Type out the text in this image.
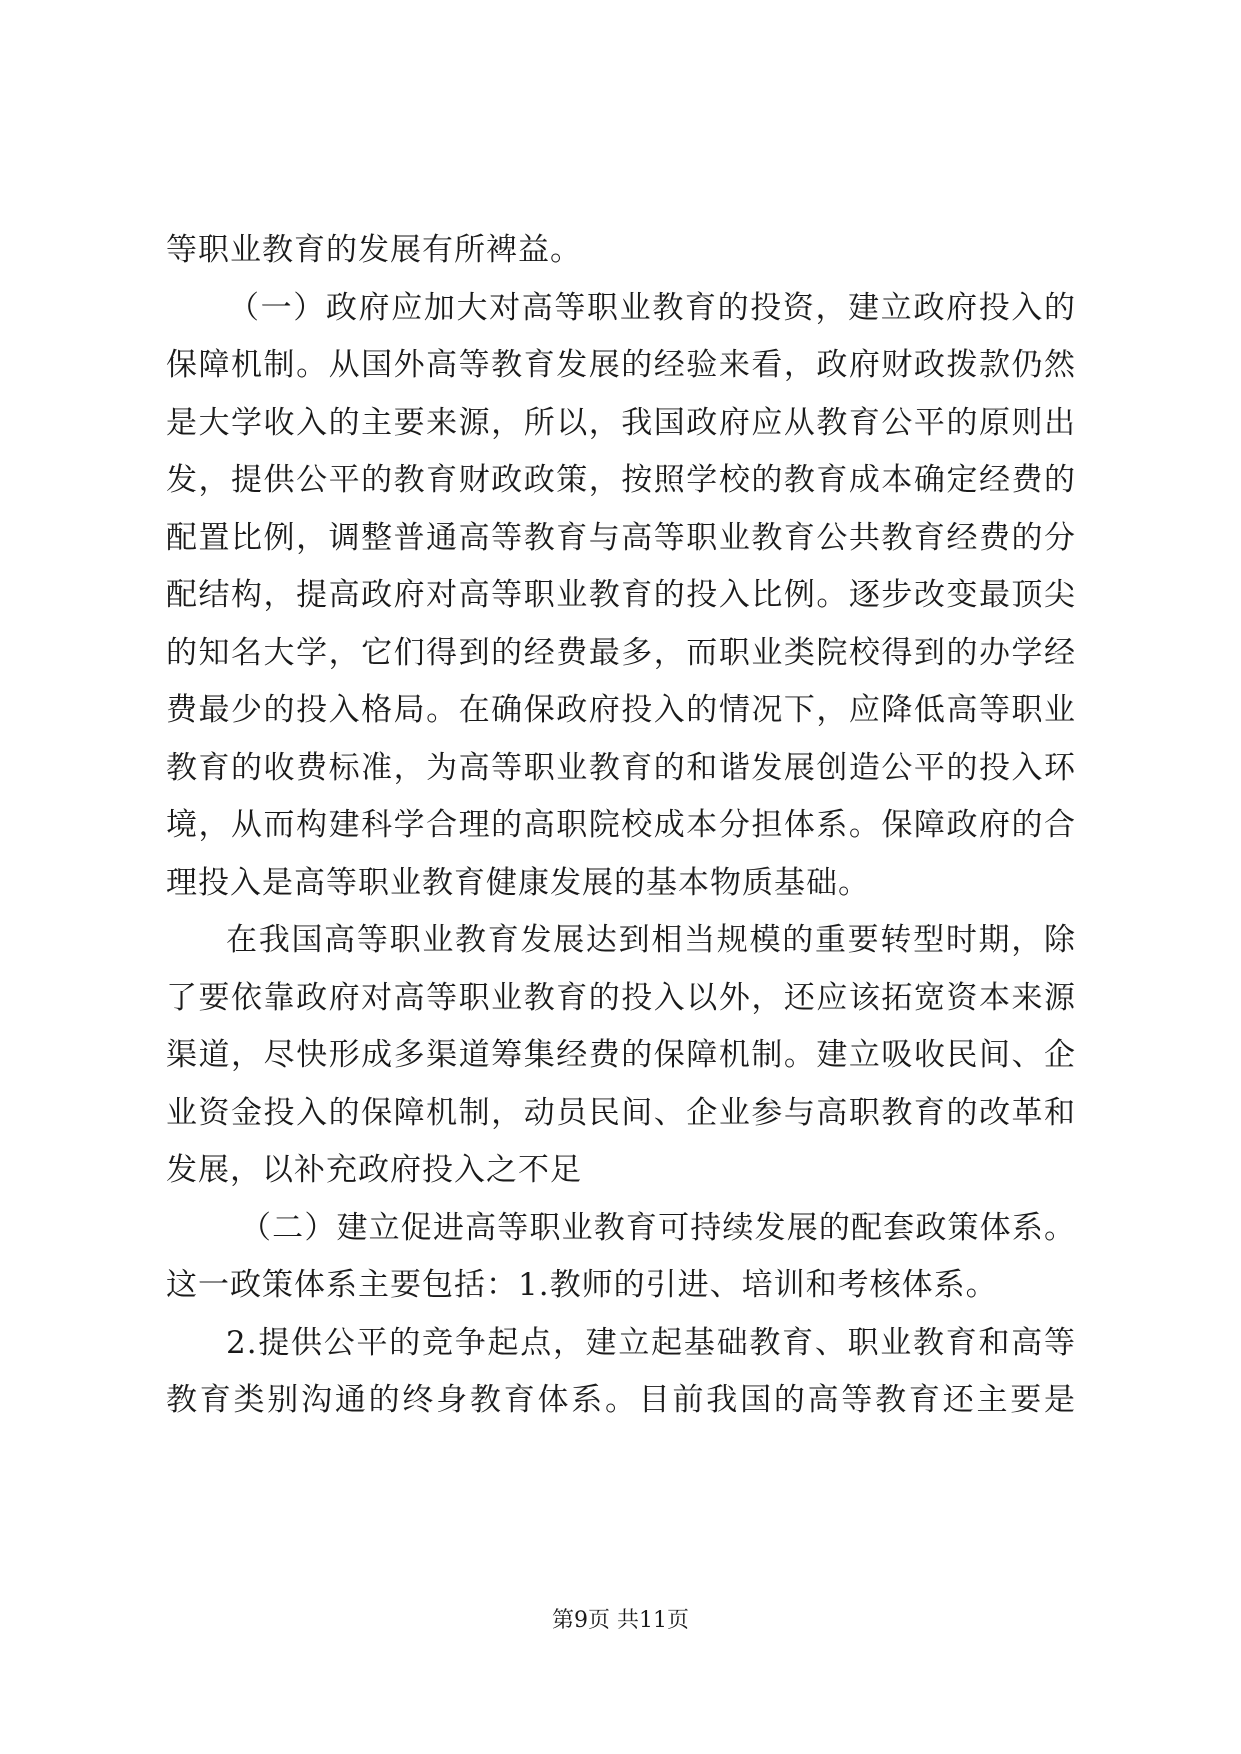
等职业教育的发展有所裨益。
（一）政府应加大对高等职业教育的投资，建立政府投入的
保障机制。从国外高等教育发展的经验来看，政府财政拨款仍然
是大学收入的主要来源，所以，我国政府应从教育公平的原则出
发，提供公平的教育财政政策，按照学校的教育成本确定经费的
配置比例，调整普通高等教育与高等职业教育公共教育经费的分
配结构，提高政府对高等职业教育的投入比例。逐步改变最顶尖
的知名大学，它们得到的经费最多，而职业类院校得到的办学经
费最少的投入格局。在确保政府投入的情况下，应降低高等职业
教育的收费标准，为高等职业教育的和谐发展创造公平的投入环
境，从而构建科学合理的高职院校成本分担体系。保障政府的合
理投入是高等职业教育健康发展的基本物质基础。
在我国高等职业教育发展达到相当规模的重要转型时期，除
了要依靠政府对高等职业教育的投入以外，还应该拓宽资本来源
渠道，尽快形成多渠道筹集经费的保障机制。建立吸收民间、企
业资金投入的保障机制，动员民间、企业参与高职教育的改革和
发展，以补充政府投入之不足
（二）建立促进高等职业教育可持续发展的配套政策体系。
这一政策体系主要包括：1.教师的引进、培训和考核体系。
2.提供公平的竞争起点，建立起基础教育、职业教育和高等
教育类别沟通的终身教育体系。目前我国的高等教育还主要是
第9页 共11页
